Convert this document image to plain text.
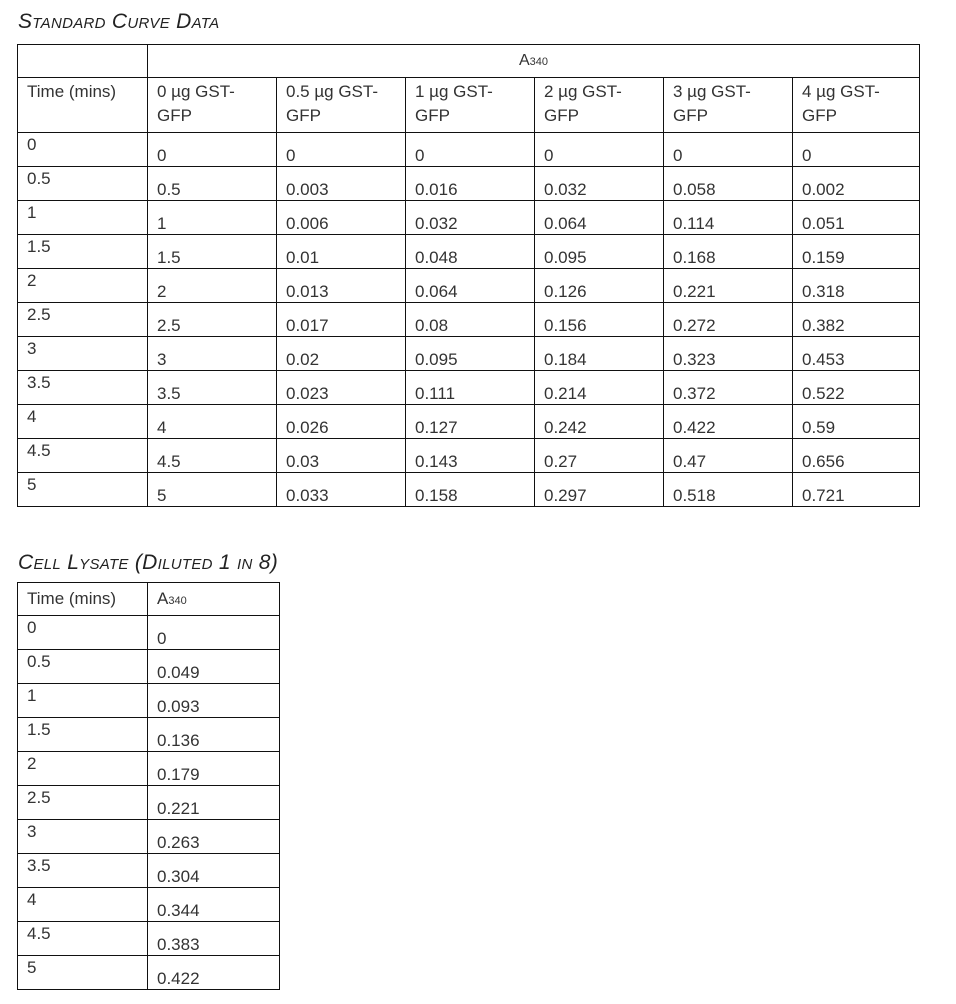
Standard Curve Data
	A340					
Time (mins)	0 µg GST-GFP	0.5 µg GST-GFP	1 µg GST-GFP	2 µg GST-GFP	3 µg GST-GFP	4 µg GST-GFP
0	0	0	0	0	0	0
0.5	0.5	0.003	0.016	0.032	0.058	0.002
1	1	0.006	0.032	0.064	0.114	0.051
1.5	1.5	0.01	0.048	0.095	0.168	0.159
2	2	0.013	0.064	0.126	0.221	0.318
2.5	2.5	0.017	0.08	0.156	0.272	0.382
3	3	0.02	0.095	0.184	0.323	0.453
3.5	3.5	0.023	0.111	0.214	0.372	0.522
4	4	0.026	0.127	0.242	0.422	0.59
4.5	4.5	0.03	0.143	0.27	0.47	0.656
5	5	0.033	0.158	0.297	0.518	0.721
Cell Lysate (Diluted 1 in 8)
Time (mins)	A340
0	0
0.5	0.049
1	0.093
1.5	0.136
2	0.179
2.5	0.221
3	0.263
3.5	0.304
4	0.344
4.5	0.383
5	0.422
